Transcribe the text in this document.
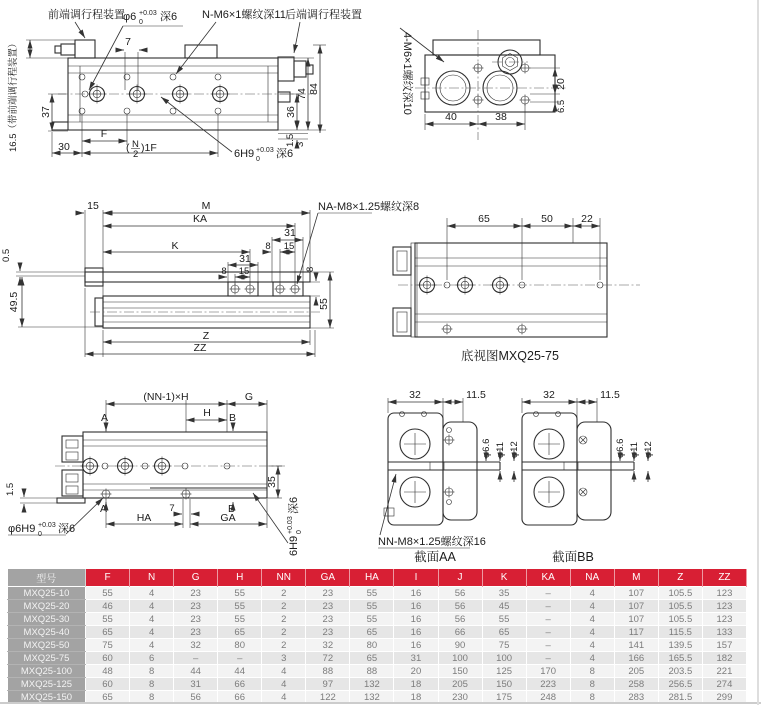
前端调行程装置
φ6 +0.03
0 深6 N-M6×1螺纹深11 后端调行程装置
7
36
74 84
1.5 3
37
16.5（带前端调行程装置）	F
30	( N
2
)1F	6H9 +0.03
0 深6
40	38
20
6.5
4-M6×1螺纹深10
15	M
KA
31
8 15
K
31
8 15
0.5
49.5
8
55
Z
ZZ
NA-M8×1.25螺纹深8
65	50	22
底视图MXQ25-75
(NN-1)×H	G
A	H B
A	7	B
HA	GA
1.5
35
φ6H9 +0.03
0 深6
6H9
+0.03 0
深6
32	11.5
φ6.6 φ11 φ12
NN-M8×1.25螺纹深16
截面AA
32	11.5
φ6.6 φ11 φ12
截面BB
型号	F	N	G	H	NN	GA	HA	I	J	K	KA	NA	M	Z	ZZ
MXQ25-10	55	4	23	55	2	23	55	16	56	35	–	4	107	105.5	123
MXQ25-20	46	4	23	55	2	23	55	16	56	45	–	4	107	105.5	123
MXQ25-30	55	4	23	55	2	23	55	16	56	55	–	4	107	105.5	123
MXQ25-40	65	4	23	65	2	23	65	16	66	65	–	4	117	115.5	133
MXQ25-50	75	4	32	80	2	32	80	16	90	75	–	4	141	139.5	157
MXQ25-75	60	6	–	–	3	72	65	31	100	100	–	4	166	165.5	182
MXQ25-100	48	8	44	44	4	88	88	20	150	125	170	8	205	203.5	221
MXQ25-125	60	8	31	66	4	97	132	18	205	150	223	8	258	256.5	274
MXQ25-150	65	8	56	66	4	122	132	18	230	175	248	8	283	281.5	299
